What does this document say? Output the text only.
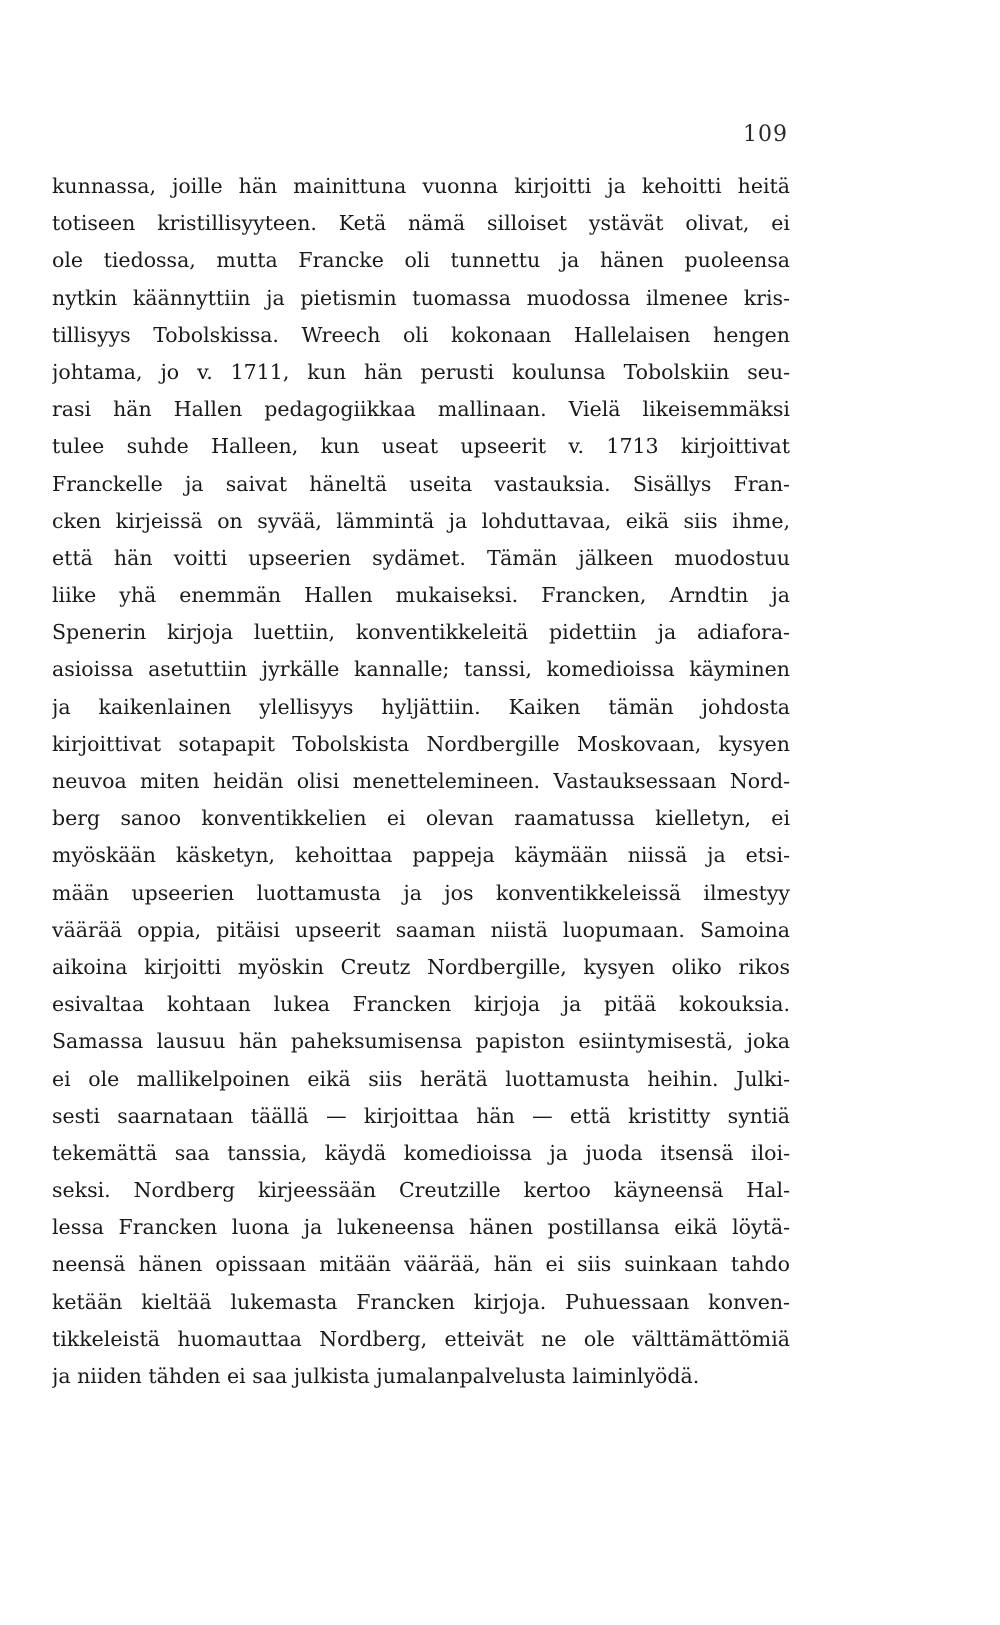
109
kunnassa, joille hän mainittuna vuonna kirjoitti ja kehoitti heitä
totiseen kristillisyyteen. Ketä nämä silloiset ystävät olivat, ei
ole tiedossa, mutta Francke oli tunnettu ja hänen puoleensa
nytkin käännyttiin ja pietismin tuomassa muodossa ilmenee kris-
tillisyys Tobolskissa. Wreech oli kokonaan Hallelaisen hengen
johtama, jo v. 1711, kun hän perusti koulunsa Tobolskiin seu-
rasi hän Hallen pedagogiikkaa mallinaan. Vielä likeisemmäksi
tulee suhde Halleen, kun useat upseerit v. 1713 kirjoittivat
Franckelle ja saivat häneltä useita vastauksia. Sisällys Fran-
cken kirjeissä on syvää, lämmintä ja lohduttavaa, eikä siis ihme,
että hän voitti upseerien sydämet. Tämän jälkeen muodostuu
liike yhä enemmän Hallen mukaiseksi. Francken, Arndtin ja
Spenerin kirjoja luettiin, konventikkeleitä pidettiin ja adiafora-
asioissa asetuttiin jyrkälle kannalle; tanssi, komedioissa käyminen
ja kaikenlainen ylellisyys hyljättiin. Kaiken tämän johdosta
kirjoittivat sotapapit Tobolskista Nordbergille Moskovaan, kysyen
neuvoa miten heidän olisi menettelemineen. Vastauksessaan Nord-
berg sanoo konventikkelien ei olevan raamatussa kielletyn, ei
myöskään käsketyn, kehoittaa pappeja käymään niissä ja etsi-
mään upseerien luottamusta ja jos konventikkeleissä ilmestyy
väärää oppia, pitäisi upseerit saaman niistä luopumaan. Samoina
aikoina kirjoitti myöskin Creutz Nordbergille, kysyen oliko rikos
esivaltaa kohtaan lukea Francken kirjoja ja pitää kokouksia.
Samassa lausuu hän paheksumisensa papiston esiintymisestä, joka
ei ole mallikelpoinen eikä siis herätä luottamusta heihin. Julki-
sesti saarnataan täällä — kirjoittaa hän — että kristitty syntiä
tekemättä saa tanssia, käydä komedioissa ja juoda itsensä iloi-
seksi. Nordberg kirjeessään Creutzille kertoo käyneensä Hal-
lessa Francken luona ja lukeneensa hänen postillansa eikä löytä-
neensä hänen opissaan mitään väärää, hän ei siis suinkaan tahdo
ketään kieltää lukemasta Francken kirjoja. Puhuessaan konven-
tikkeleistä huomauttaa Nordberg, etteivät ne ole välttämättömiä
ja niiden tähden ei saa julkista jumalanpalvelusta laiminlyödä.
